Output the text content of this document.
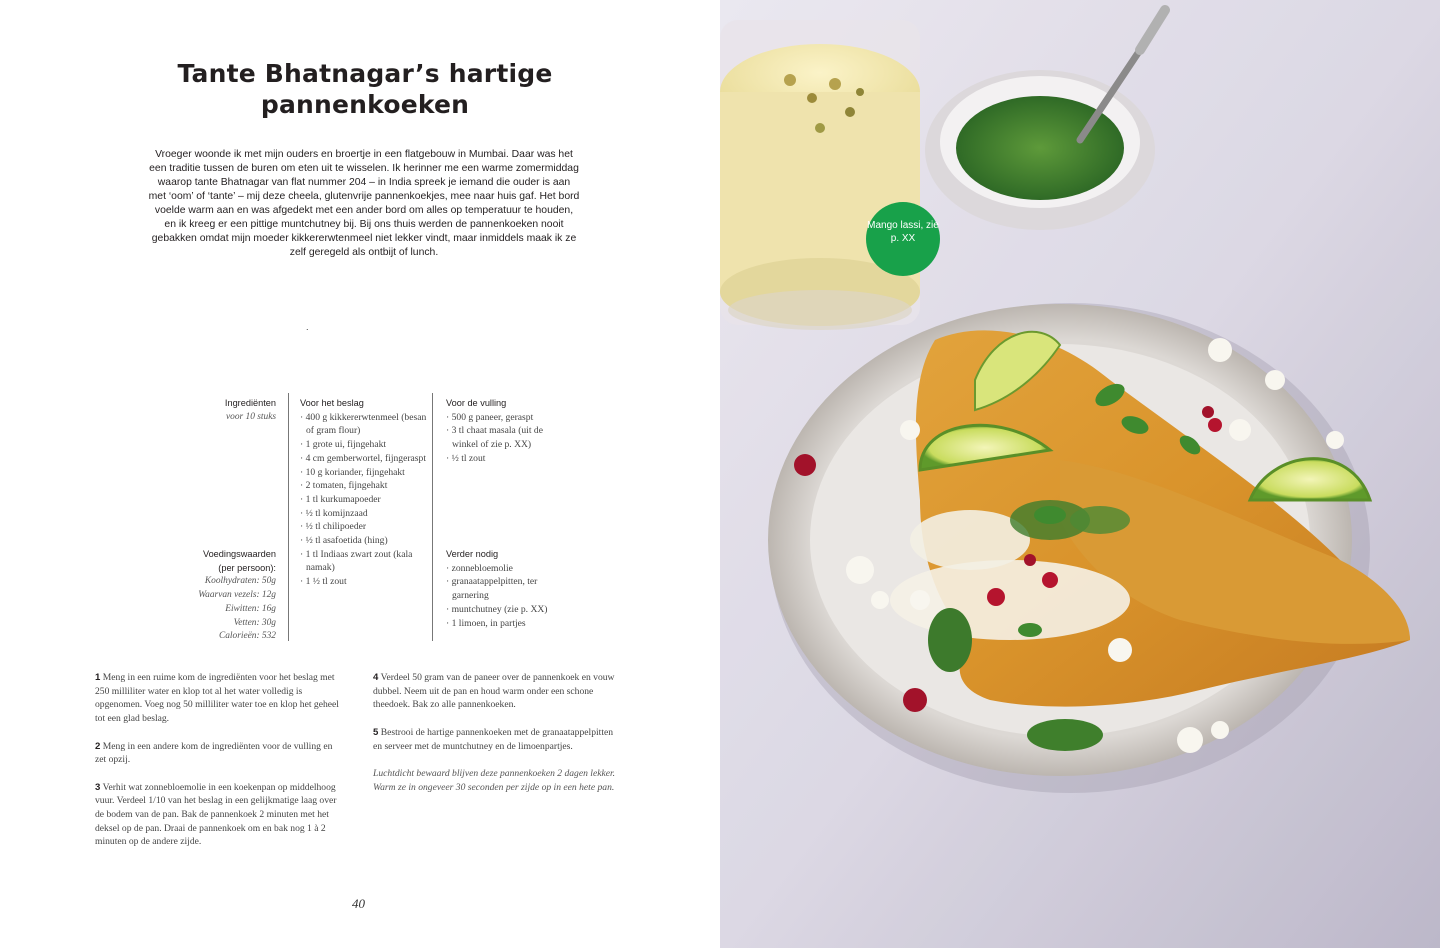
Tante Bhatnagar’s hartige pannenkoeken

Vroeger woonde ik met mijn ouders en broertje in een flatgebouw in Mumbai. Daar was het een traditie tussen de buren om eten uit te wisselen. Ik herinner me een warme zomermiddag waarop tante Bhatnagar van flat nummer 204 – in India spreek je iemand die ouder is aan met ‘oom’ of ‘tante’ – mij deze cheela, glutenvrije pannenkoekjes, mee naar huis gaf. Het bord voelde warm aan en was afgedekt met een ander bord om alles op temperatuur te houden, en ik kreeg er een pittige muntchutney bij. Bij ons thuis werden de pannenkoeken nooit gebakken omdat mijn moeder kikkererwtenmeel niet lekker vindt, maar inmiddels maak ik ze zelf geregeld als ontbijt of lunch.

.
Ingrediënten
voor 10 stuks
Voedingswaarden
(per persoon):
Koolhydraten: 50g
Waarvan vezels: 12g
Eiwitten: 16g
Vetten: 30g
Calorieën: 532
Voor het beslag
· 400 g kikkererwtenmeel (besan of gram flour)
· 1 grote ui, fijngehakt
· 4 cm gemberwortel, fijngeraspt
· 10 g koriander, fijngehakt
· 2 tomaten, fijngehakt
· 1 tl kurkumapoeder
· ½ tl komijnzaad
· ½ tl chilipoeder
· ½ tl asafoetida (hing)
· 1 tl Indiaas zwart zout (kala namak)
· 1 ½ tl zout
Voor de vulling
· 500 g paneer, geraspt
· 3 tl chaat masala (uit de winkel of zie p. XX)
· ½ tl zout
Verder nodig
· zonnebloemolie
· granaatappelpitten, ter garnering
· muntchutney (zie p. XX)
· 1 limoen, in partjes

1 Meng in een ruime kom de ingrediënten voor het beslag met 250 milliliter water en klop tot al het water volledig is opgenomen. Voeg nog 50 milliliter water toe en klop het geheel tot een glad beslag.

2 Meng in een andere kom de ingrediënten voor de vulling en zet opzij.

3 Verhit wat zonnebloemolie in een koekenpan op middelhoog vuur. Verdeel 1/10 van het beslag in een gelijkmatige laag over de bodem van de pan. Bak de pannenkoek 2 minuten met het deksel op de pan. Draai de pannenkoek om en bak nog 1 à 2 minuten op de andere zijde.

4 Verdeel 50 gram van de paneer over de pannenkoek en vouw dubbel. Neem uit de pan en houd warm onder een schone theedoek. Bak zo alle pannenkoeken.

5 Bestrooi de hartige pannenkoeken met de granaatappelpitten en serveer met de muntchutney en de limoenpartjes.

Luchtdicht bewaard blijven deze pannenkoeken 2 dagen lekker. Warm ze in ongeveer 30 seconden per zijde op in een hete pan.

40
Mango lassi, zie p. XX
